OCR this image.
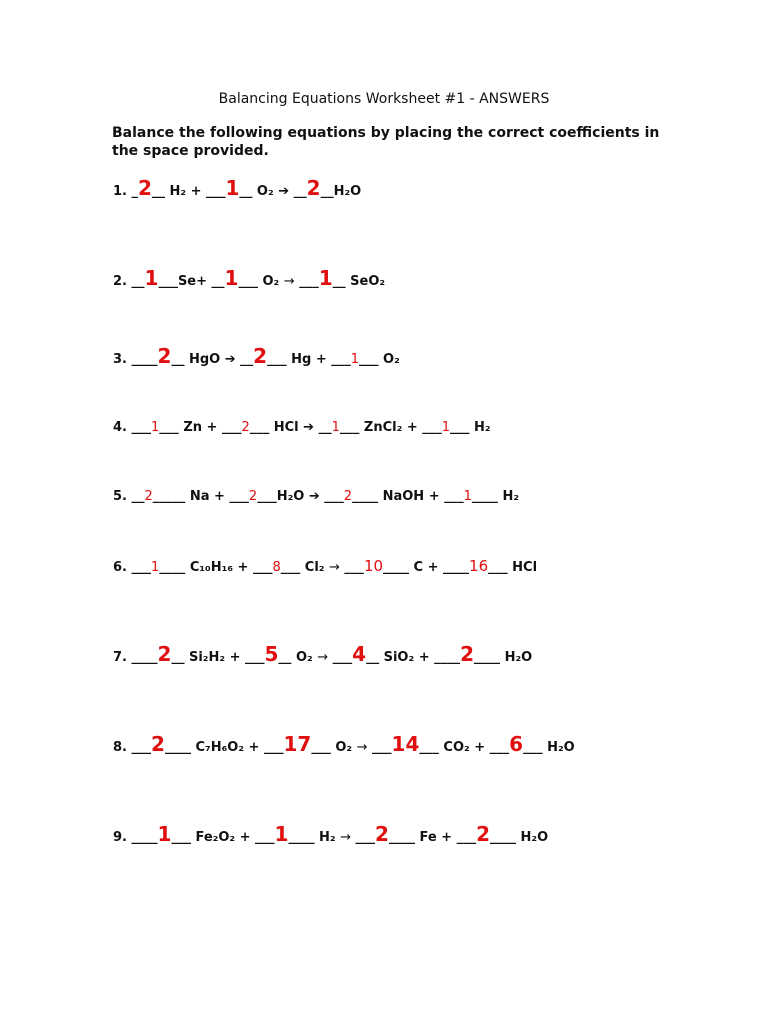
Balancing Equations Worksheet #1 - ANSWERS
Balance the following equations by placing the correct coefficients in the space provided.
1. _2__ H₂ + ___1__ O₂ ➔ __2__H₂O
2. __1___Se+ __1___ O₂ → ___1__ SeO₂
3. ____2__ HgO ➔ __2___ Hg + ___1___ O₂
4. ___1___ Zn + ___2___ HCl ➔ __1___ ZnCl₂ + ___1___ H₂
5. __2_____ Na + ___2___H₂O ➔ ___2____ NaOH + ___1____ H₂
6. ___1____ C₁₀H₁₆ + ___8___ Cl₂ → ___10____ C + ____16___ HCl
7. ____2__ Si₂H₂ + ___5__ O₂ → ___4__ SiO₂ + ____2____ H₂O
8. ___2____ C₇H₆O₂ + ___17___ O₂ → ___14___ CO₂ + ___6___ H₂O
9. ____1___ Fe₂O₂ + ___1____ H₂ → ___2____ Fe + ___2____ H₂O
